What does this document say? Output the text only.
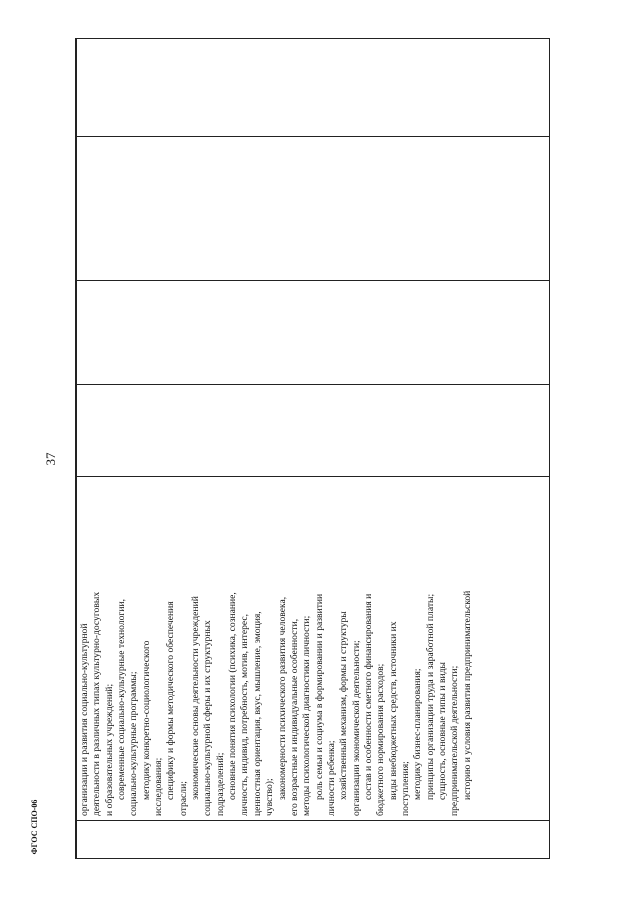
37
организации и развития социально-культурной деятельности в различных типах культурно-досуговых и образовательных учреждений; современные социально-культурные технологии, социально-культурные программы; методику конкретно-социологического исследования; специфику и формы методического обеспечения отрасли; экономические основы деятельности учреждений социально-культурной сферы и их структурных подразделений; основные понятия психологии (психика, сознание, личность, индивид, потребность, мотив, интерес, ценностная ориентация, вкус, мышление, эмоция, чувство); закономерности психического развития человека, его возрастные и индивидуальные особенности, методы психологической диагностики личности; роль семьи и социума в формировании и развитии личности ребенка; хозяйственный механизм, формы и структуры организации экономической деятельности; состав и особенности сметного финансирования и бюджетного нормирования расходов; виды внебюджетных средств, источники их поступления; методику бизнес-планирования; принципы организации труда и заработной платы; сущность, основные типы и виды предпринимательской деятельности; историю и условия развития предпринимательской
ФГОС СПО-06
